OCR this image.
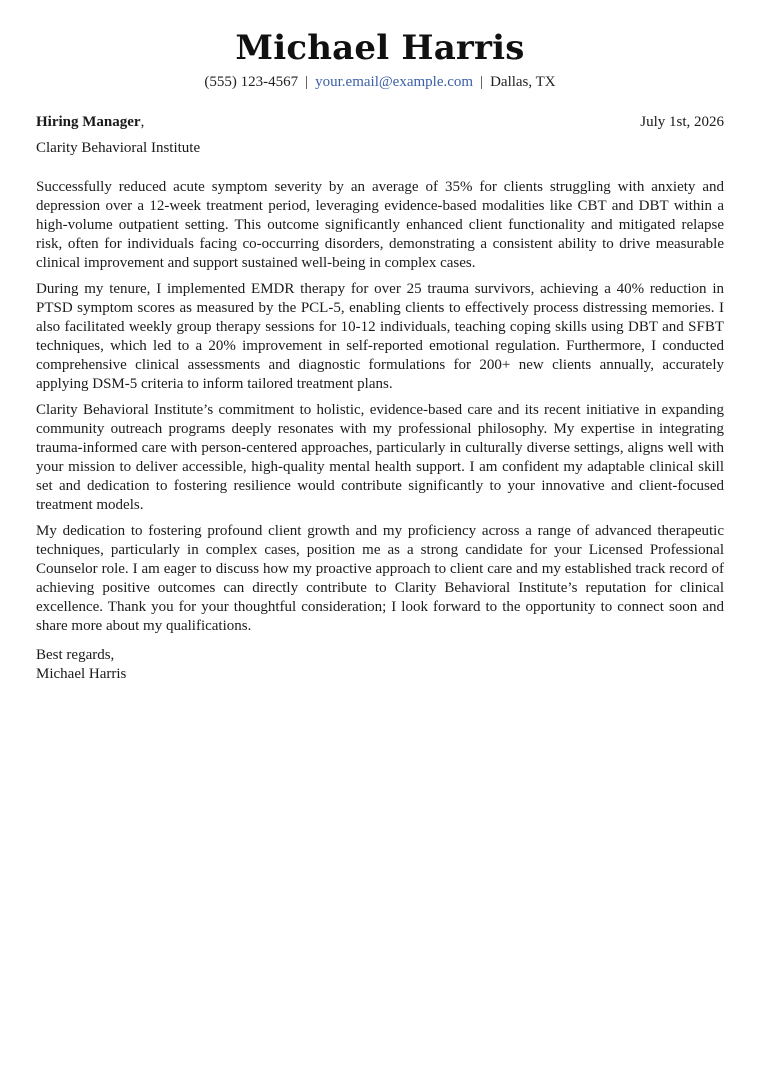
Michael Harris
(555) 123-4567 | your.email@example.com | Dallas, TX
Hiring Manager,	July 1st, 2026
Clarity Behavioral Institute

Successfully reduced acute symptom severity by an average of 35% for clients struggling with anxiety and depression over a 12-week treatment period, leveraging evidence-based modalities like CBT and DBT within a high-volume outpatient setting. This outcome significantly enhanced client functionality and mitigated relapse risk, often for individuals facing co-occurring disorders, demonstrating a consistent ability to drive measurable clinical improvement and support sustained well-being in complex cases.

During my tenure, I implemented EMDR therapy for over 25 trauma survivors, achieving a 40% reduction in PTSD symptom scores as measured by the PCL-5, enabling clients to effectively process distressing memories. I also facilitated weekly group therapy sessions for 10-12 individuals, teaching coping skills using DBT and SFBT techniques, which led to a 20% improvement in self-reported emotional regulation. Furthermore, I conducted comprehensive clinical assessments and diagnostic formulations for 200+ new clients annually, accurately applying DSM-5 criteria to inform tailored treatment plans.

Clarity Behavioral Institute’s commitment to holistic, evidence-based care and its recent initiative in expanding community outreach programs deeply resonates with my professional philosophy. My expertise in integrating trauma-informed care with person-centered approaches, particularly in culturally diverse settings, aligns well with your mission to deliver accessible, high-quality mental health support. I am confident my adaptable clinical skill set and dedication to fostering resilience would contribute significantly to your innovative and client-focused treatment models.

My dedication to fostering profound client growth and my proficiency across a range of advanced therapeutic techniques, particularly in complex cases, position me as a strong candidate for your Licensed Professional Counselor role. I am eager to discuss how my proactive approach to client care and my established track record of achieving positive outcomes can directly contribute to Clarity Behavioral Institute’s reputation for clinical excellence. Thank you for your thoughtful consideration; I look forward to the opportunity to connect soon and share more about my qualifications.

Best regards,
Michael Harris
